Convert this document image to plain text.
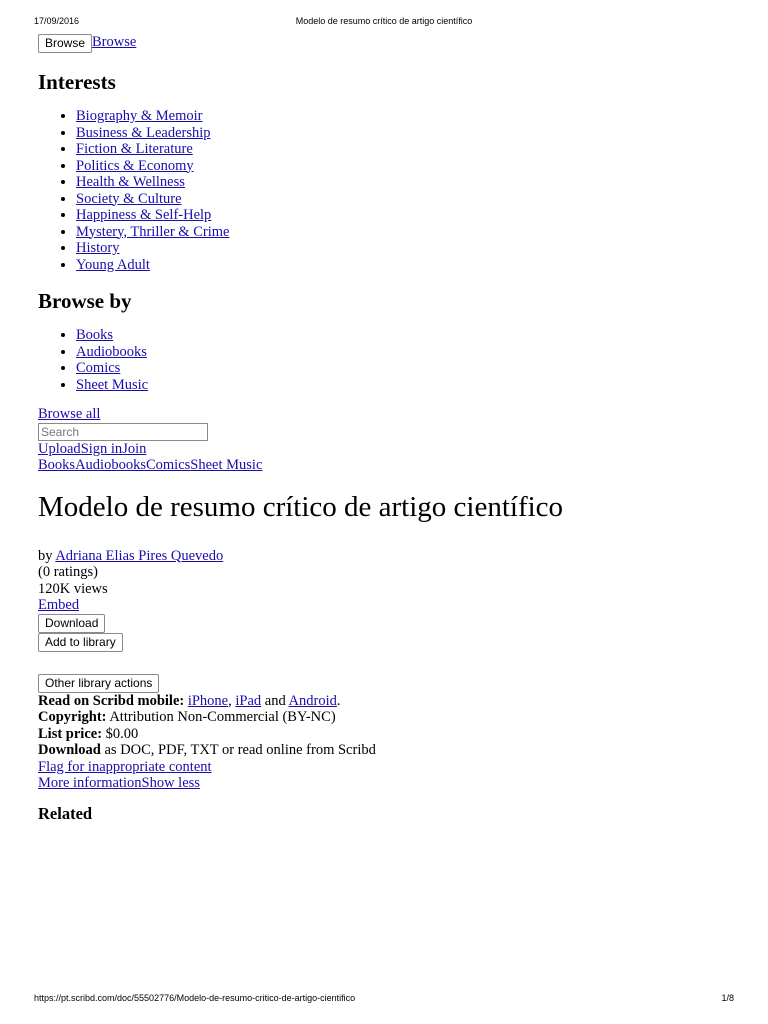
17/09/2016	Modelo de resumo crítico de artigo científico
Browse Browse
Interests
• Biography & Memoir
• Business & Leadership
• Fiction & Literature
• Politics & Economy
• Health & Wellness
• Society & Culture
• Happiness & Self-Help
• Mystery, Thriller & Crime
• History
• Young Adult
Browse by
• Books
• Audiobooks
• Comics
• Sheet Music
Browse all
Search
UploadSign inJoin
BooksAudiobooksComicsSheet Music
Modelo de resumo crítico de artigo científico
by Adriana Elias Pires Quevedo
(0 ratings)
120K views
Embed
Download
Add to library
Other library actions
Read on Scribd mobile: iPhone, iPad and Android.
Copyright: Attribution Non-Commercial (BY-NC)
List price: $0.00
Download as DOC, PDF, TXT or read online from Scribd
Flag for inappropriate content
More informationShow less
Related
https://pt.scribd.com/doc/55502776/Modelo-de-resumo-critico-de-artigo-cientifico	1/8
